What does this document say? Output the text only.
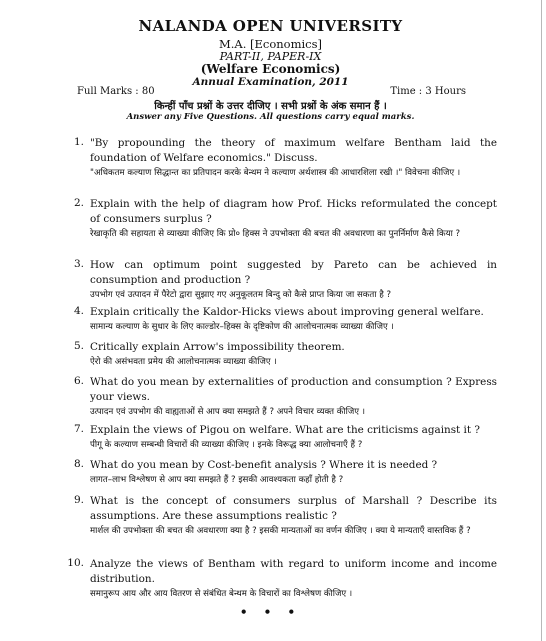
NALANDA OPEN UNIVERSITY
M.A. [Economics]
PART-II, PAPER-IX
(Welfare Economics)
Annual Examination, 2011
Full Marks : 80	Time : 3 Hours
किन्हीं पाँच प्रश्नों के उत्तर दीजिए । सभी प्रश्नों के अंक समान हैं ।
Answer any Five Questions. All questions carry equal marks.
1. "By propounding the theory of maximum welfare Bentham laid the foundation of Welfare economics." Discuss.
"अधिकतम कल्याण सिद्धान्त का प्रतिपादन करके बेन्थम ने कल्याण अर्थशास्त्र की आधारशिला रखी ।" विवेचना कीजिए ।
2. Explain with the help of diagram how Prof. Hicks reformulated the concept of consumers surplus ?
रेखाकृति की सहायता से व्याख्या कीजिए कि प्रो० हिक्स ने उपभोक्ता की बचत की अवधारणा का पुनर्निर्माण कैसे किया ?
3. How can optimum point suggested by Pareto can be achieved in consumption and production ?
उपभोग एवं उत्पादन में पैरेटो द्वारा सुझाए गए अनुकूलतम बिन्दु को कैसे प्राप्त किया जा सकता है ?
4. Explain critically the Kaldor-Hicks views about improving general welfare.
सामान्य कल्याण के सुधार के लिए काल्डोर–हिक्स के दृष्टिकोण की आलोचनात्मक व्याख्या कीजिए ।
5. Critically explain Arrow's impossibility theorem.
ऐरो की असंभवता प्रमेय की आलोचनात्मक व्याख्या कीजिए ।
6. What do you mean by externalities of production and consumption ? Express your views.
उत्पादन एवं उपभोग की वाह्यताओं से आप क्या समझते हैं ? अपने विचार व्यक्त कीजिए ।
7. Explain the views of Pigou on welfare. What are the criticisms against it ?
पीगू के कल्याण सम्बन्धी विचारों की व्याख्या कीजिए । इनके विरूद्ध क्या आलोचनाएँ हैं ?
8. What do you mean by Cost-benefit analysis ? Where it is needed ?
लागत–लाभ विश्लेषण से आप क्या समझते हैं ? इसकी आवश्यकता कहाँ होती है ?
9. What is the concept of consumers surplus of Marshall ? Describe its assumptions. Are these assumptions realistic ?
मार्शल की उपभोक्ता की बचत की अवधारणा क्या है ? इसकी मान्यताओं का वर्णन कीजिए । क्या ये मान्यताएँ वास्तविक हैं ?
10. Analyze the views of Bentham with regard to uniform income and income distribution.
समानुरूप आय और आय वितरण से संबंधित बेन्थम के विचारों का विश्लेषण कीजिए ।
• • •
